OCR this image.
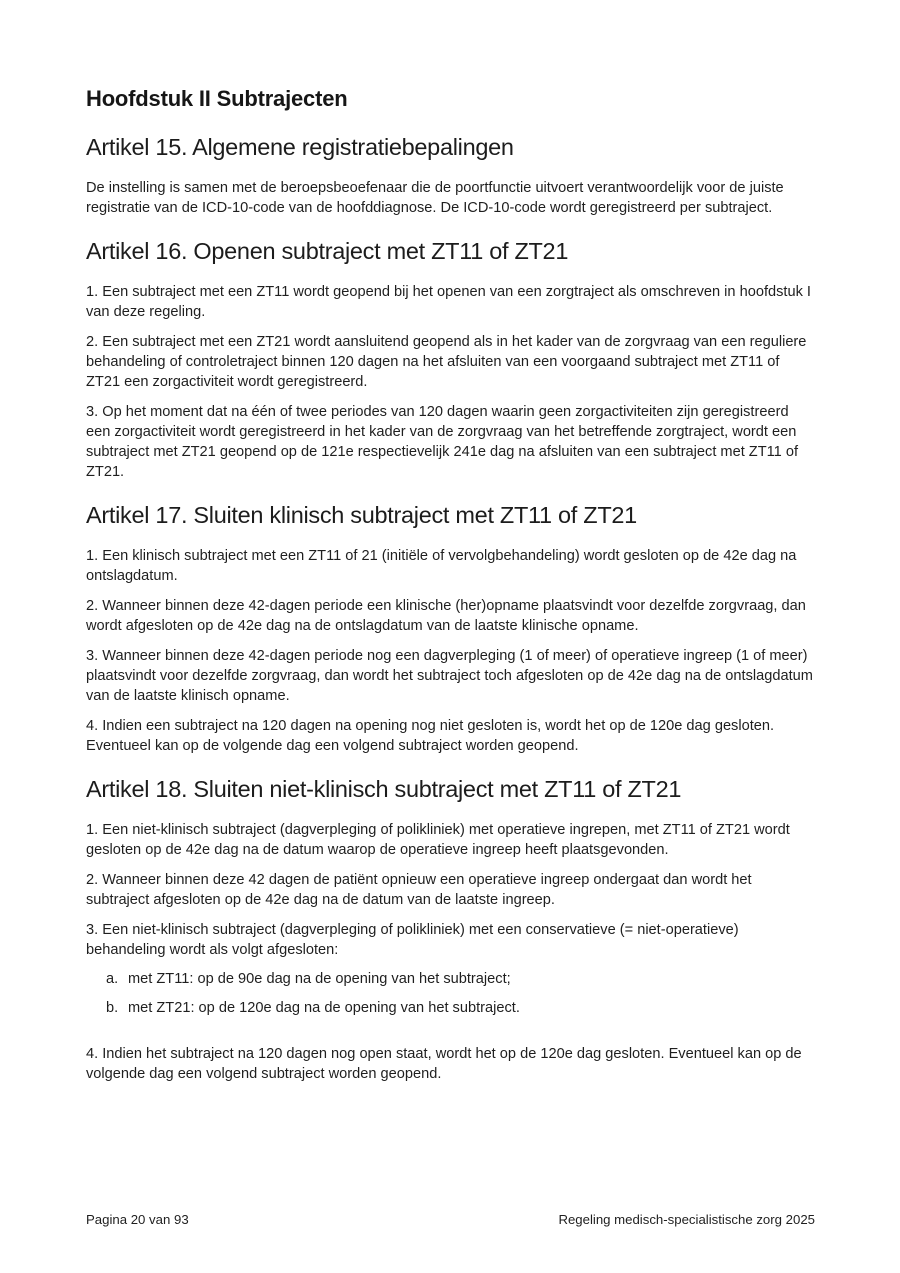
Hoofdstuk II Subtrajecten
Artikel 15. Algemene registratiebepalingen

De instelling is samen met de beroepsbeoefenaar die de poortfunctie uitvoert verantwoordelijk voor de juiste registratie van de ICD-10-code van de hoofddiagnose. De ICD-10-code wordt geregistreerd per subtraject.

Artikel 16. Openen subtraject met ZT11 of ZT21

1. Een subtraject met een ZT11 wordt geopend bij het openen van een zorgtraject als omschreven in hoofdstuk I van deze regeling.

2. Een subtraject met een ZT21 wordt aansluitend geopend als in het kader van de zorgvraag van een reguliere behandeling of controletraject binnen 120 dagen na het afsluiten van een voorgaand subtraject met ZT11 of ZT21 een zorgactiviteit wordt geregistreerd.

3. Op het moment dat na één of twee periodes van 120 dagen waarin geen zorgactiviteiten zijn geregistreerd een zorgactiviteit wordt geregistreerd in het kader van de zorgvraag van het betreffende zorgtraject, wordt een subtraject met ZT21 geopend op de 121e respectievelijk 241e dag na afsluiten van een subtraject met ZT11 of ZT21.

Artikel 17. Sluiten klinisch subtraject met ZT11 of ZT21

1. Een klinisch subtraject met een ZT11 of 21 (initiële of vervolgbehandeling) wordt gesloten op de 42e dag na ontslagdatum.

2. Wanneer binnen deze 42-dagen periode een klinische (her)opname plaatsvindt voor dezelfde zorgvraag, dan wordt afgesloten op de 42e dag na de ontslagdatum van de laatste klinische opname.

3. Wanneer binnen deze 42-dagen periode nog een dagverpleging (1 of meer) of operatieve ingreep (1 of meer) plaatsvindt voor dezelfde zorgvraag, dan wordt het subtraject toch afgesloten op de 42e dag na de ontslagdatum van de laatste klinisch opname.

4. Indien een subtraject na 120 dagen na opening nog niet gesloten is, wordt het op de 120e dag gesloten. Eventueel kan op de volgende dag een volgend subtraject worden geopend.

Artikel 18. Sluiten niet-klinisch subtraject met ZT11 of ZT21

1. Een niet-klinisch subtraject (dagverpleging of polikliniek) met operatieve ingrepen, met ZT11 of ZT21 wordt gesloten op de 42e dag na de datum waarop de operatieve ingreep heeft plaatsgevonden.

2. Wanneer binnen deze 42 dagen de patiënt opnieuw een operatieve ingreep ondergaat dan wordt het subtraject afgesloten op de 42e dag na de datum van de laatste ingreep.

3. Een niet-klinisch subtraject (dagverpleging of polikliniek) met een conservatieve (= niet-operatieve) behandeling wordt als volgt afgesloten:

a. met ZT11: op de 90e dag na de opening van het subtraject;
b. met ZT21: op de 120e dag na de opening van het subtraject.

4. Indien het subtraject na 120 dagen nog open staat, wordt het op de 120e dag gesloten. Eventueel kan op de volgende dag een volgend subtraject worden geopend.

Pagina 20 van 93	Regeling medisch-specialistische zorg 2025
